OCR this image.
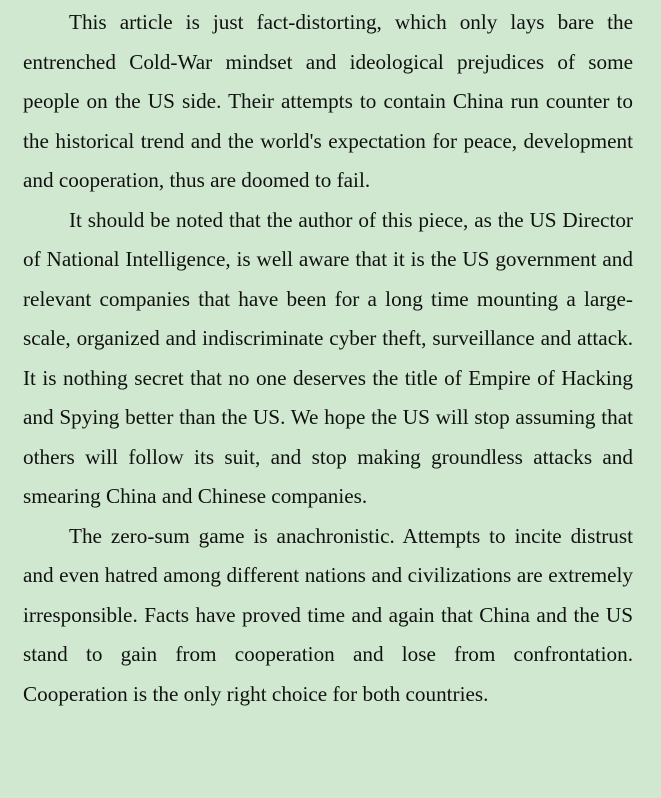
This article is just fact-distorting, which only lays bare the entrenched Cold-War mindset and ideological prejudices of some people on the US side. Their attempts to contain China run counter to the historical trend and the world's expectation for peace, development and cooperation, thus are doomed to fail.

It should be noted that the author of this piece, as the US Director of National Intelligence, is well aware that it is the US government and relevant companies that have been for a long time mounting a large-scale, organized and indiscriminate cyber theft, surveillance and attack. It is nothing secret that no one deserves the title of Empire of Hacking and Spying better than the US. We hope the US will stop assuming that others will follow its suit, and stop making groundless attacks and smearing China and Chinese companies.

The zero-sum game is anachronistic. Attempts to incite distrust and even hatred among different nations and civilizations are extremely irresponsible. Facts have proved time and again that China and the US stand to gain from cooperation and lose from confrontation. Cooperation is the only right choice for both countries.
